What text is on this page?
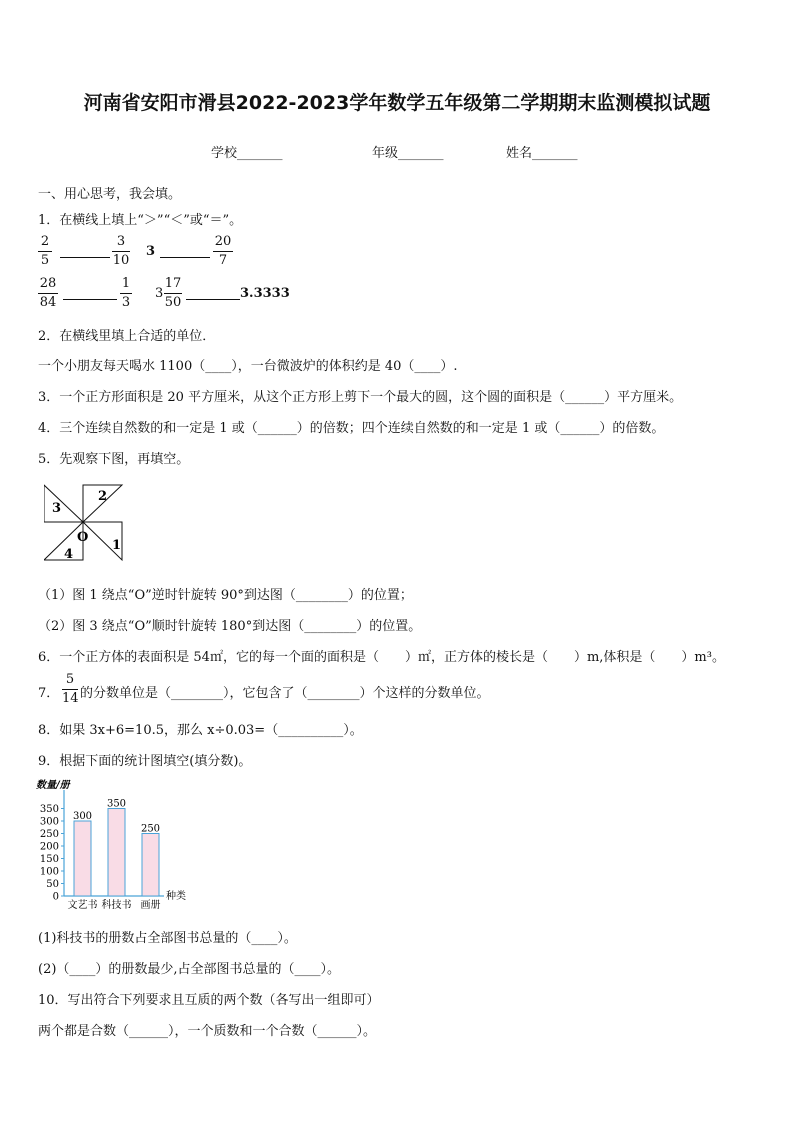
河南省安阳市滑县2022-2023学年数学五年级第二学期期末监测模拟试题
学校_______	年级_______	姓名_______
一、用心思考，我会填。
1．在横线上填上“＞”“＜”或“＝”。
2
5
3
10
3
20
7
28
84
1
3
3
17
50
3.3333
2．在横线里填上合适的单位．
一个小朋友每天喝水 1100（____），一台微波炉的体积约是 40（____）.
3．一个正方形面积是 20 平方厘米，从这个正方形上剪下一个最大的圆，这个圆的面积是（______）平方厘米。
4．三个连续自然数的和一定是 1 或（______）的倍数；四个连续自然数的和一定是 1 或（______）的倍数。
5．先观察下图，再填空。
3
2
1
4
O
（1）图 1 绕点“O”逆时针旋转 90°到达图（________）的位置；
（2）图 3 绕点“O”顺时针旋转 180°到达图（________）的位置。
6．一个正方体的表面积是 54㎡，它的每一个面的面积是（　　）㎡，正方体的棱长是（　　）m,体积是（　　）m³。
7．
5
14 的分数单位是（________），它包含了（________）个这样的分数单位。
8．如果 3x+6=10.5，那么 x÷0.03=（__________）。
9．根据下面的统计图填空(填分数)。
数量/册
0
50
100
150
200
250
300
350
300
文艺书
350
科技书
250
画册
种类
(1)科技书的册数占全部图书总量的（____）。
(2)（____）的册数最少,占全部图书总量的（____）。
10．写出符合下列要求且互质的两个数（各写出一组即可）
两个都是合数（______），一个质数和一个合数（______）。
